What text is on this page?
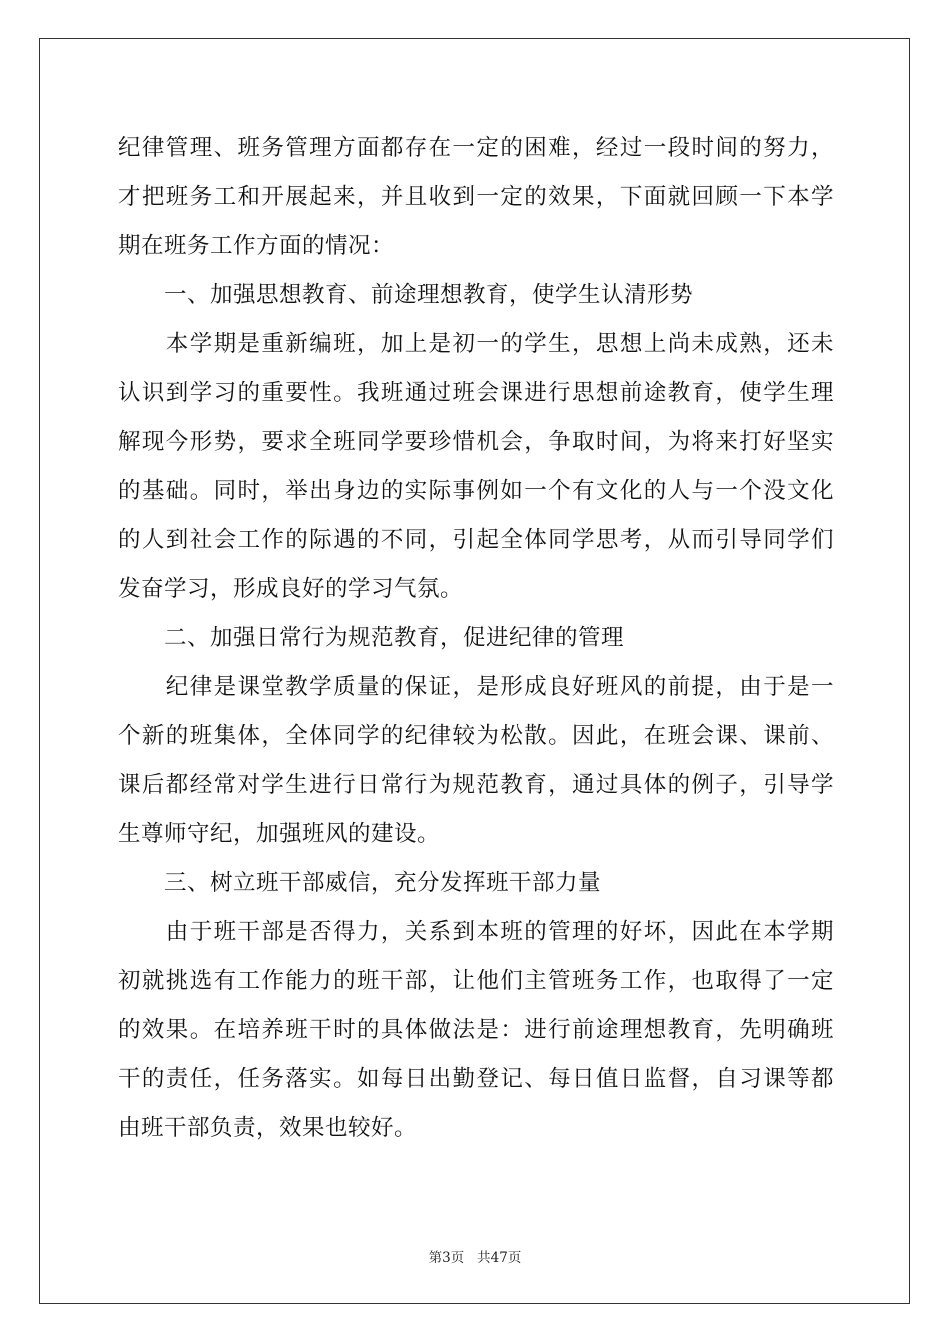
纪律管理、班务管理方面都存在一定的困难，经过一段时间的努力，
才把班务工和开展起来，并且收到一定的效果，下面就回顾一下本学
期在班务工作方面的情况：
　　一、加强思想教育、前途理想教育，使学生认清形势
　　本学期是重新编班，加上是初一的学生，思想上尚未成熟，还未
认识到学习的重要性。我班通过班会课进行思想前途教育，使学生理
解现今形势，要求全班同学要珍惜机会，争取时间，为将来打好坚实
的基础。同时，举出身边的实际事例如一个有文化的人与一个没文化
的人到社会工作的际遇的不同，引起全体同学思考，从而引导同学们
发奋学习，形成良好的学习气氛。
　　二、加强日常行为规范教育，促进纪律的管理
　　纪律是课堂教学质量的保证，是形成良好班风的前提，由于是一
个新的班集体，全体同学的纪律较为松散。因此，在班会课、课前、
课后都经常对学生进行日常行为规范教育，通过具体的例子，引导学
生尊师守纪，加强班风的建设。
　　三、树立班干部威信，充分发挥班干部力量
　　由于班干部是否得力，关系到本班的管理的好坏，因此在本学期
初就挑选有工作能力的班干部，让他们主管班务工作，也取得了一定
的效果。在培养班干时的具体做法是：进行前途理想教育，先明确班
干的责任，任务落实。如每日出勤登记、每日值日监督，自习课等都
由班干部负责，效果也较好。
第3页 共47页
